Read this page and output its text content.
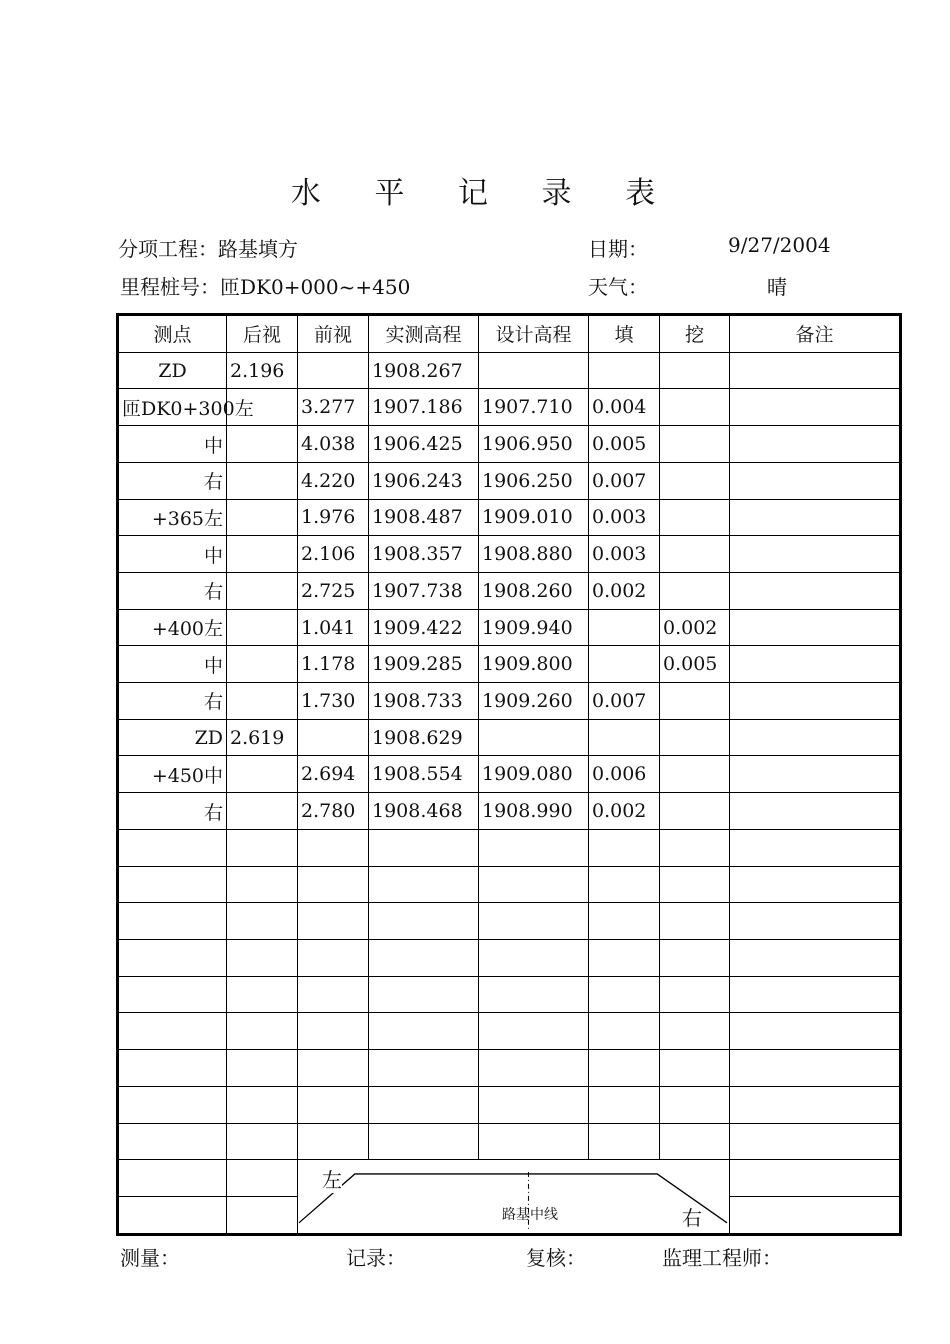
水 平 记 录 表
分项工程：路基填方	日期：	9/27/2004
里程桩号：匝DK0+000~+450	天气：	晴
测点	后视	前视	实测高程	设计高程	填	挖	备注
ZD	2.196		1908.267				
匝DK0+300左		3.277	1907.186	1907.710	0.004		
中		4.038	1906.425	1906.950	0.005		
右		4.220	1906.243	1906.250	0.007		
+365左		1.976	1908.487	1909.010	0.003		
中		2.106	1908.357	1908.880	0.003		
右		2.725	1907.738	1908.260	0.002		
+400左		1.041	1909.422	1909.940		0.002	
中		1.178	1909.285	1909.800		0.005	
右		1.730	1908.733	1909.260	0.007		
ZD	2.619		1908.629				
+450中		2.694	1908.554	1909.080	0.006		
右		2.780	1908.468	1908.990	0.002		

		左
路基中线 右					

测量：	记录：	复核：	监理工程师：
